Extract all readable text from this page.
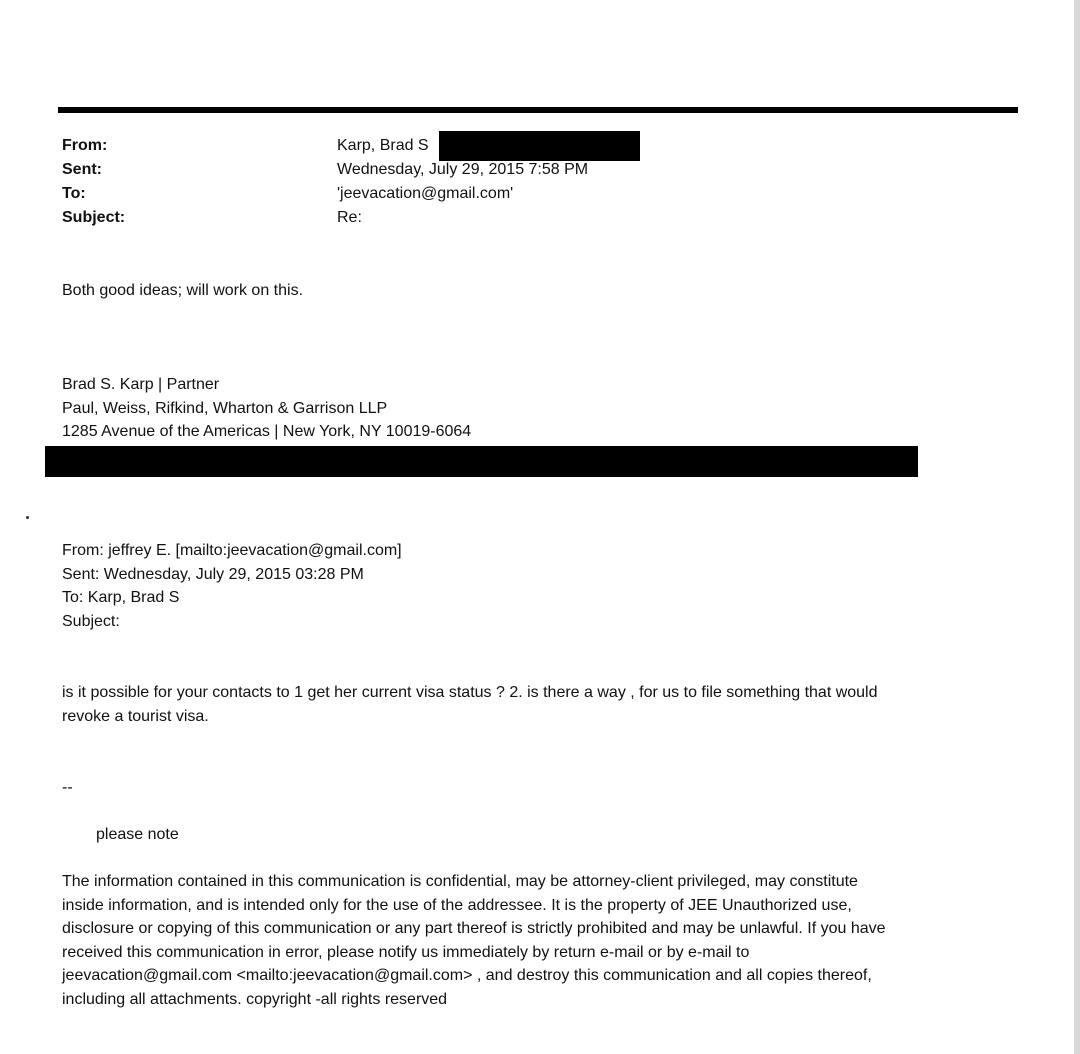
From:	Karp, Brad S
Sent:	Wednesday, July 29, 2015 7:58 PM
To:	'jeevacation@gmail.com'
Subject:	Re:
Both good ideas; will work on this.
Brad S. Karp | Partner
Paul, Weiss, Rifkind, Wharton & Garrison LLP
1285 Avenue of the Americas | New York, NY 10019-6064
From: jeffrey E. [mailto:jeevacation@gmail.com]
Sent: Wednesday, July 29, 2015 03:28 PM
To: Karp, Brad S
Subject:
is it possible for your contacts to 1 get her current visa status ? 2. is there a way , for us to file something that would
revoke a tourist visa.
--
please note
The information contained in this communication is confidential, may be attorney-client privileged, may constitute
inside information, and is intended only for the use of the addressee. It is the property of JEE Unauthorized use,
disclosure or copying of this communication or any part thereof is strictly prohibited and may be unlawful. If you have
received this communication in error, please notify us immediately by return e-mail or by e-mail to
jeevacation@gmail.com <mailto:jeevacation@gmail.com> , and destroy this communication and all copies thereof,
including all attachments. copyright -all rights reserved
